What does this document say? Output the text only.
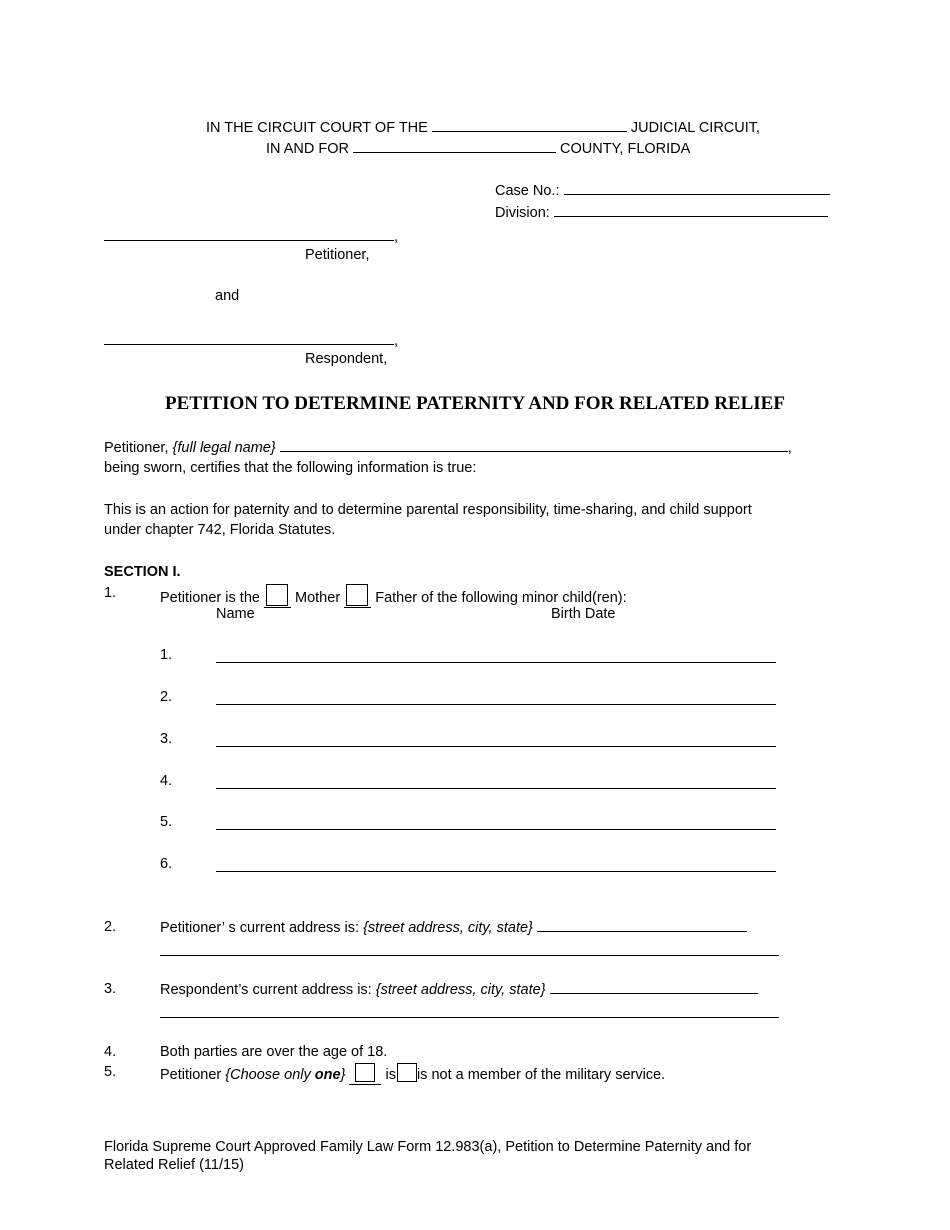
IN THE CIRCUIT COURT OF THE	JUDICIAL CIRCUIT,
IN AND FOR	COUNTY, FLORIDA
Case No.:
Division:
,
Petitioner,
and
,
Respondent,
PETITION TO DETERMINE PATERNITY AND FOR RELATED RELIEF
Petitioner, {full legal name}	,
being sworn, certifies that the following information is true:
This is an action for paternity and to determine parental responsibility, time-sharing, and child support
under chapter 742, Florida Statutes.
SECTION I.
1.	Petitioner is the Mother Father of the following minor child(ren):
Name	Birth Date
1.
2.
3.
4.
5.
6.
2.	Petitioner’ s current address is: {street address, city, state}
3.	Respondent’s current address is: {street address, city, state}
4.	Both parties are over the age of 18.
5.	Petitioner {Choose only one}	is is not a member of the military service.
Florida Supreme Court Approved Family Law Form 12.983(a), Petition to Determine Paternity and for
Related Relief (11/15)
